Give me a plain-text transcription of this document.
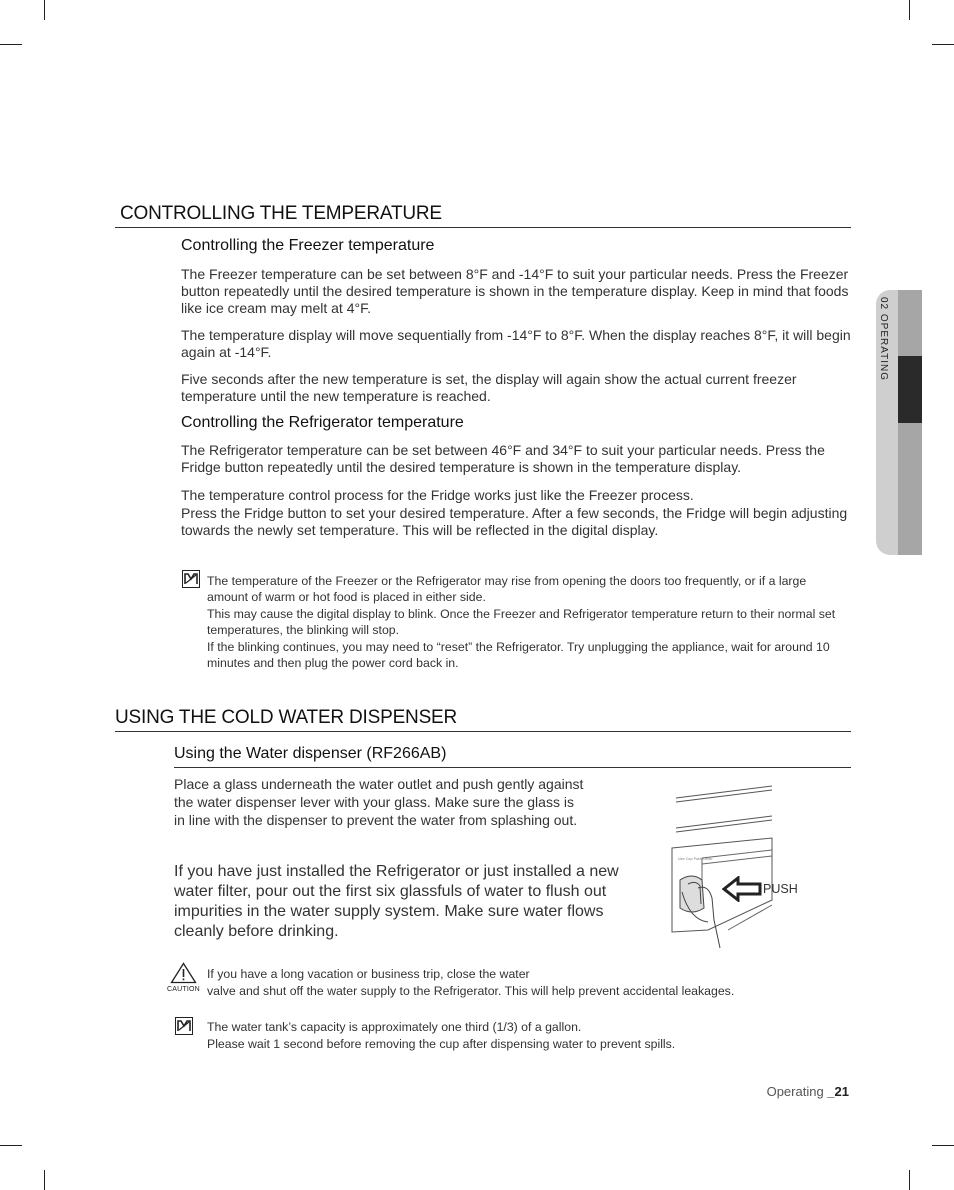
02 OPERATING
CONTROLLING THE TEMPERATURE
Controlling the Freezer temperature

The Freezer temperature can be set between 8°F and -14°F to suit your particular needs. Press the Freezer button repeatedly until the desired temperature is shown in the temperature display. Keep in mind that foods like ice cream may melt at 4°F.

The temperature display will move sequentially from -14°F to 8°F. When the display reaches 8°F, it will begin again at -14°F.

Five seconds after the new temperature is set, the display will again show the actual current freezer temperature until the new temperature is reached.

Controlling the Refrigerator temperature

The Refrigerator temperature can be set between 46°F and 34°F to suit your particular needs. Press the Fridge button repeatedly until the desired temperature is shown in the temperature display.

The temperature control process for the Fridge works just like the Freezer process.

Press the Fridge button to set your desired temperature. After a few seconds, the Fridge will begin adjusting towards the newly set temperature. This will be reflected in the digital display.

The temperature of the Freezer or the Refrigerator may rise from opening the doors too frequently, or if a large amount of warm or hot food is placed in either side.

This may cause the digital display to blink. Once the Freezer and Refrigerator temperature return to their normal set temperatures, the blinking will stop.

If the blinking continues, you may need to “reset” the Refrigerator. Try unplugging the appliance, wait for around 10 minutes and then plug the power cord back in.

USING THE COLD WATER DISPENSER
Using the Water dispenser (RF266AB)

Place a glass underneath the water outlet and push gently against the water dispenser lever with your glass. Make sure the glass is in line with the dispenser to prevent the water from splashing out.

If you have just installed the Refrigerator or just installed a new water filter, pour out the first six glassfuls of water to flush out impurities in the water supply system. Make sure water flows cleanly before drinking.

Use Cup Push Lever
PUSH
CAUTION

If you have a long vacation or business trip, close the water

valve and shut off the water supply to the Refrigerator. This will help prevent accidental leakages.

The water tank’s capacity is approximately one third (1/3) of a gallon.

Please wait 1 second before removing the cup after dispensing water to prevent spills.

Operating _21
